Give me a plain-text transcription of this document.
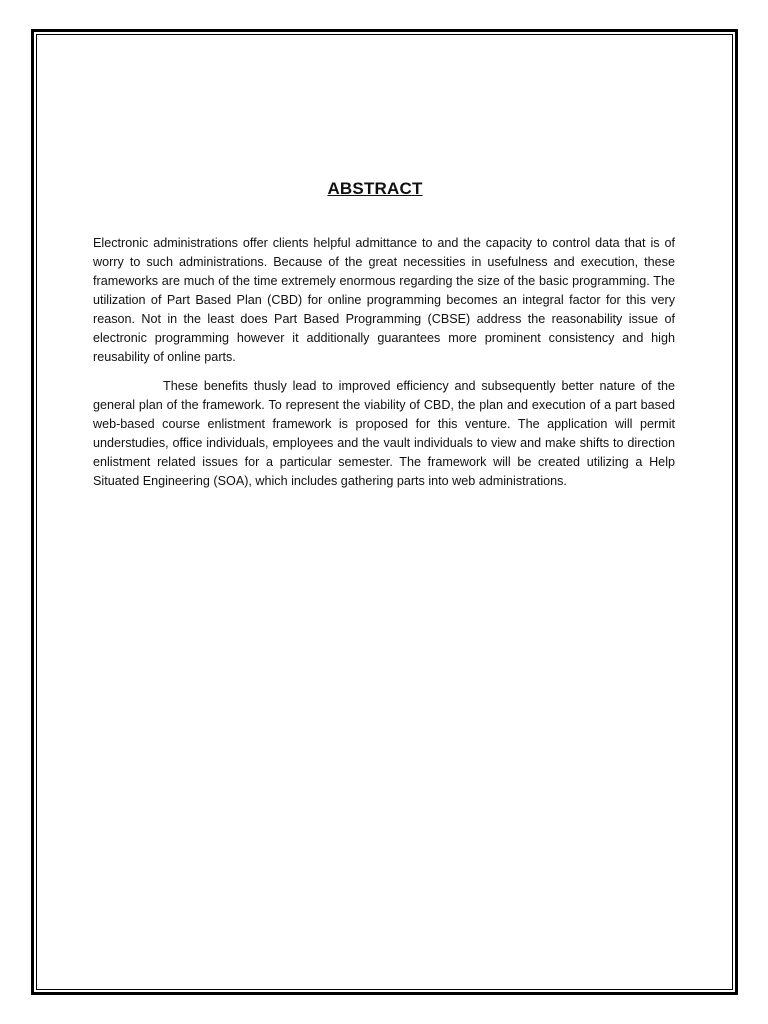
ABSTRACT

Electronic administrations offer clients helpful admittance to and the capacity to control data that is of worry to such administrations. Because of the great necessities in usefulness and execution, these frameworks are much of the time extremely enormous regarding the size of the basic programming. The utilization of Part Based Plan (CBD) for online programming becomes an integral factor for this very reason. Not in the least does Part Based Programming (CBSE) address the reasonability issue of electronic programming however it additionally guarantees more prominent consistency and high reusability of online parts.

These benefits thusly lead to improved efficiency and subsequently better nature of the general plan of the framework. To represent the viability of CBD, the plan and execution of a part based web-based course enlistment framework is proposed for this venture. The application will permit understudies, office individuals, employees and the vault individuals to view and make shifts to direction enlistment related issues for a particular semester. The framework will be created utilizing a Help Situated Engineering (SOA), which includes gathering parts into web administrations.
